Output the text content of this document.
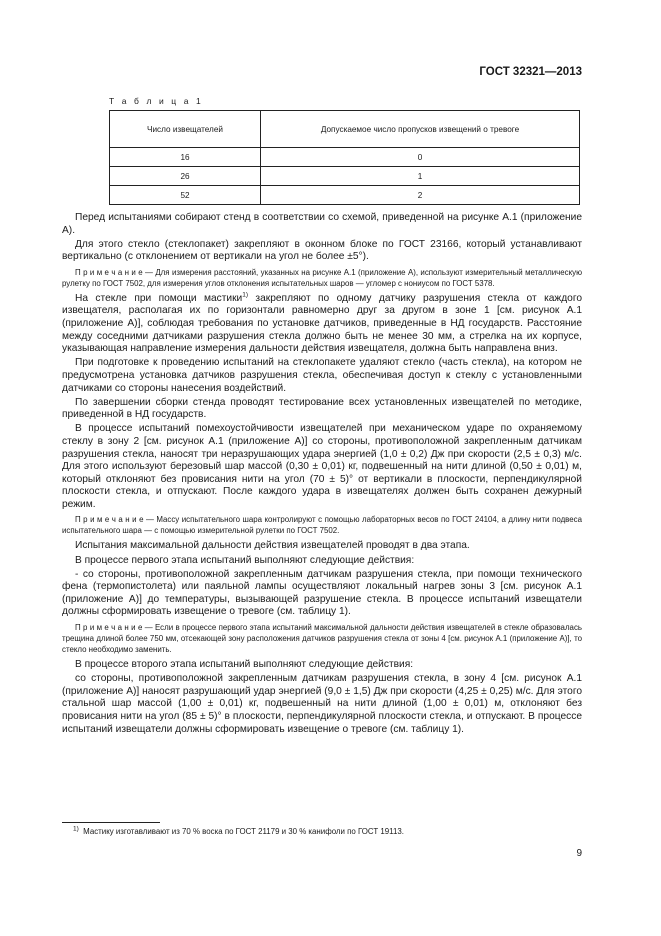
ГОСТ 32321—2013
Т а б л и ц а 1
Число извещателей	Допускаемое число пропусков извещений о тревоге
16	0
26	1
52	2

Перед испытаниями собирают стенд в соответствии со схемой, приведенной на рисунке А.1 (приложение А).

Для этого стекло (стеклопакет) закрепляют в оконном блоке по ГОСТ 23166, который устанавливают вертикально (с отклонением от вертикали на угол не более ±5°).

П р и м е ч а н и е — Для измерения расстояний, указанных на рисунке А.1 (приложение А), используют измерительный металлическую рулетку по ГОСТ 7502, для измерения углов отклонения испытательных шаров — угломер с нониусом по ГОСТ 5378.

На стекле при помощи мастики$^{1)}$ закрепляют по одному датчику разрушения стекла от каждого извещателя, располагая их по горизонтали равномерно друг за другом в зоне 1 [см. рисунок А.1 (приложение А)], соблюдая требования по установке датчиков, приведенные в НД государств. Расстояние между соседними датчиками разрушения стекла должно быть не менее 30 мм, а стрелка на их корпусе, указывающая направление измерения дальности действия извещателя, должна быть направлена вниз.

При подготовке к проведению испытаний на стеклопакете удаляют стекло (часть стекла), на котором не предусмотрена установка датчиков разрушения стекла, обеспечивая доступ к стеклу с установленными датчиками со стороны нанесения воздействий.

По завершении сборки стенда проводят тестирование всех установленных извещателей по методике, приведенной в НД государств.

В процессе испытаний помехоустойчивости извещателей при механическом ударе по охраняемому стеклу в зону 2 [см. рисунок А.1 (приложение А)] со стороны, противоположной закрепленным датчикам разрушения стекла, наносят три неразрушающих удара энергией (1,0 ± 0,2) Дж при скорости (2,5 ± 0,3) м/с. Для этого используют березовый шар массой (0,30 ± 0,01) кг, подвешенный на нити длиной (0,50 ± 0,01) м, который отклоняют без провисания нити на угол (70 ± 5)° от вертикали в плоскости, перпендикулярной плоскости стекла, и отпускают. После каждого удара в извещателях должен быть сохранен дежурный режим.

П р и м е ч а н и е — Массу испытательного шара контролируют с помощью лабораторных весов по ГОСТ 24104, а длину нити подвеса испытательного шара — с помощью измерительной рулетки по ГОСТ 7502.

Испытания максимальной дальности действия извещателей проводят в два этапа.

В процессе первого этапа испытаний выполняют следующие действия:

- со стороны, противоположной закрепленным датчикам разрушения стекла, при помощи технического фена (термопистолета) или паяльной лампы осуществляют локальный нагрев зоны 3 [см. рисунок А.1 (приложение А)] до температуры, вызывающей разрушение стекла. В процессе испытаний извещатели должны сформировать извещение о тревоге (см. таблицу 1).

П р и м е ч а н и е — Если в процессе первого этапа испытаний максимальной дальности действия извещателей в стекле образовалась трещина длиной более 750 мм, отсекающей зону расположения датчиков разрушения стекла от зоны 4 [см. рисунок А.1 (приложение А)], то стекло необходимо заменить.

В процессе второго этапа испытаний выполняют следующие действия:

со стороны, противоположной закрепленным датчикам разрушения стекла, в зону 4 [см. рисунок А.1 (приложение А)] наносят разрушающий удар энергией (9,0 ± 1,5) Дж при скорости (4,25 ± 0,25) м/с. Для этого стальной шар массой (1,00 ± 0,01) кг, подвешенный на нити длиной (1,00 ± 0,01) м, отклоняют без провисания нити на угол (85 ± 5)° в плоскости, перпендикулярной плоскости стекла, и отпускают. В процессе испытаний извещатели должны сформировать извещение о тревоге (см. таблицу 1).

$^{1)}$ Мастику изготавливают из 70 % воска по ГОСТ 21179 и 30 % канифоли по ГОСТ 19113.
9
